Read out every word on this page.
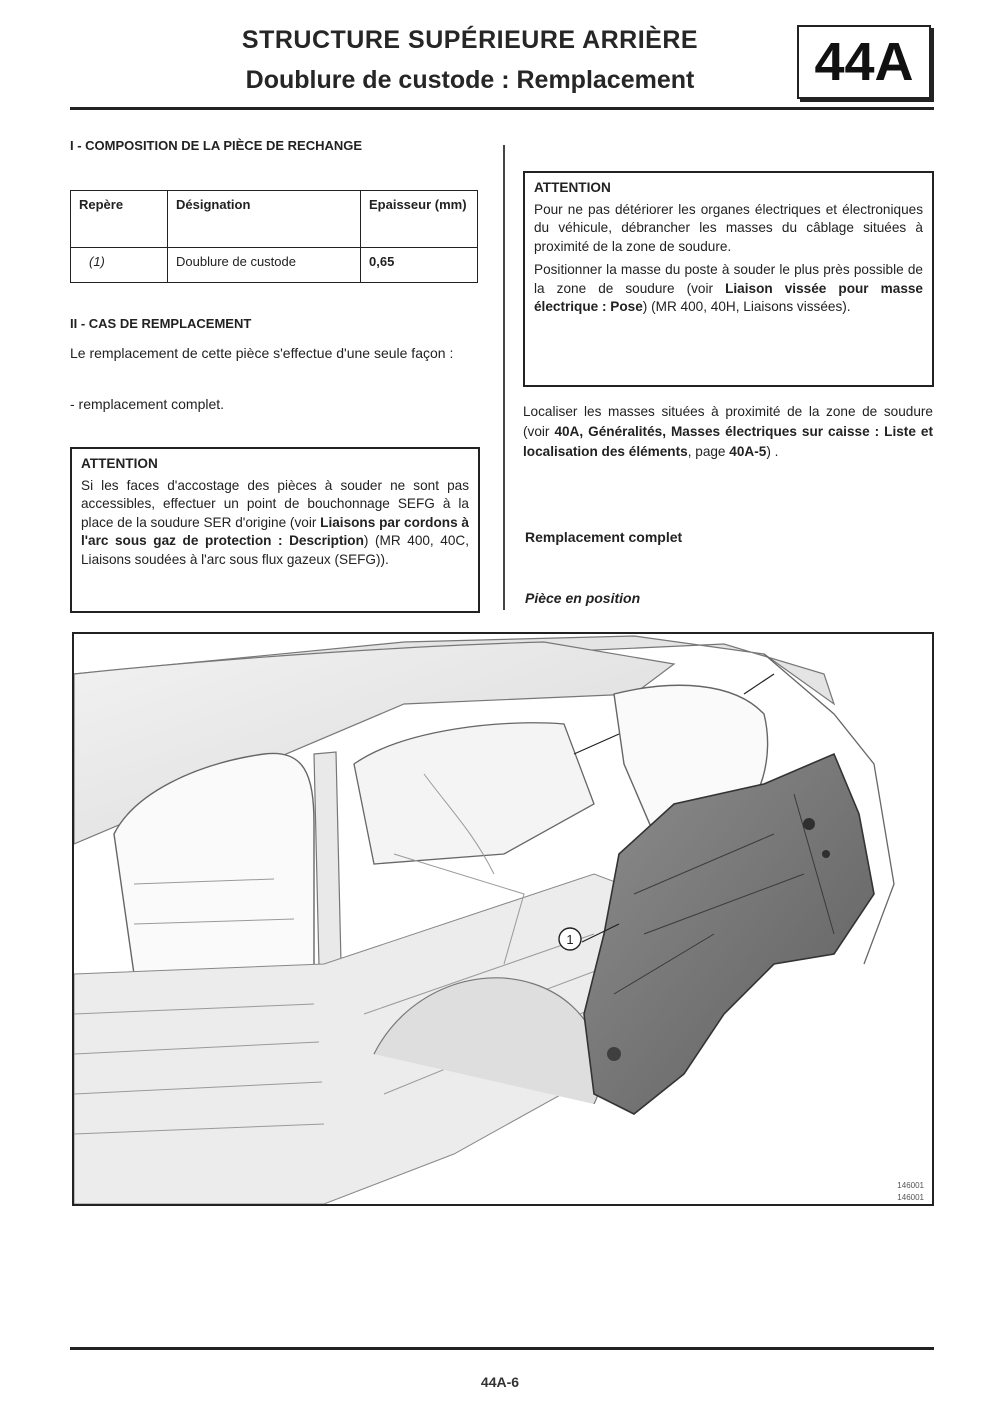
STRUCTURE SUPÉRIEURE ARRIÈRE
Doublure de custode : Remplacement	44A
I - COMPOSITION DE LA PIÈCE DE RECHANGE
Repère	Désignation	Epaisseur (mm)
(1)	Doublure de custode	0,65
II - CAS DE REMPLACEMENT
Le remplacement de cette pièce s'effectue d'une seule façon :
- remplacement complet.
ATTENTION

Si les faces d'accostage des pièces à souder ne sont pas accessibles, effectuer un point de bouchonnage SEFG à la place de la soudure SER d'origine (voir Liaisons par cordons à l'arc sous gaz de protection : Description) (MR 400, 40C, Liaisons soudées à l'arc sous flux gazeux (SEFG)).

ATTENTION

Pour ne pas détériorer les organes électriques et électroniques du véhicule, débrancher les masses du câblage situées à proximité de la zone de soudure.

Positionner la masse du poste à souder le plus près possible de la zone de soudure (voir Liaison vissée pour masse électrique : Pose) (MR 400, 40H, Liaisons vissées).

Localiser les masses situées à proximité de la zone de soudure (voir 40A, Généralités, Masses électriques sur caisse : Liste et localisation des éléments, page 40A-5) .
Remplacement complet
Pièce en position
1
146001
146001
44A-6
